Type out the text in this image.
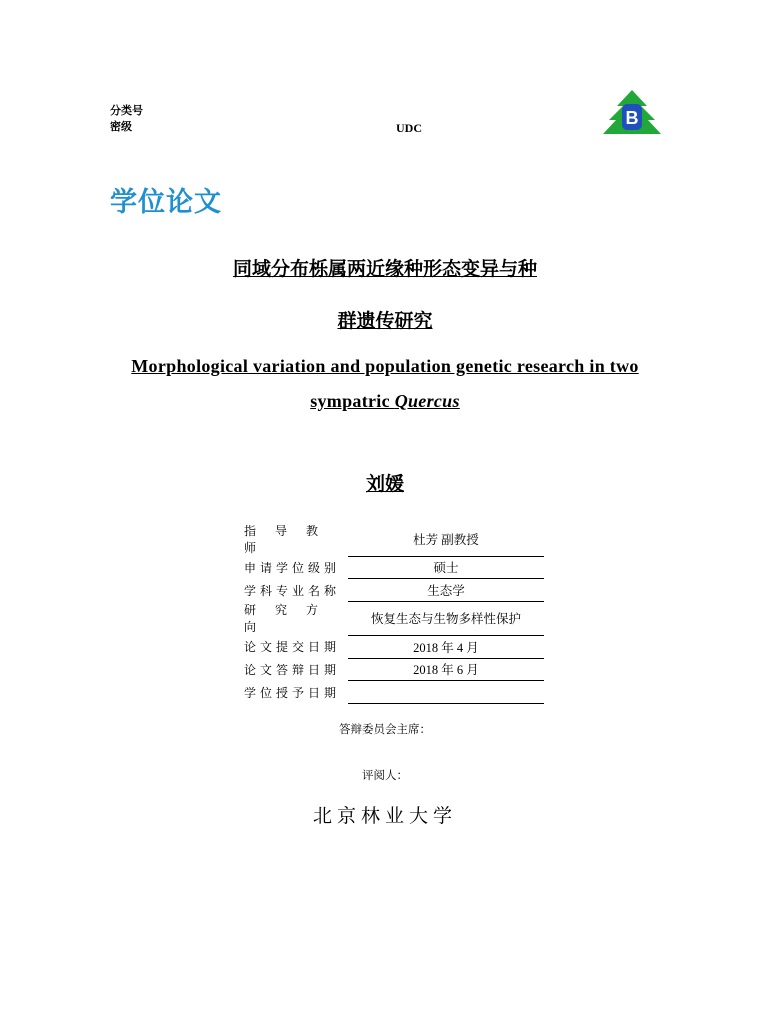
分类号
密级	UDC	B
学位论文
同域分布栎属两近缘种形态变异与种
群遗传研究
Morphological variation and population genetic research in two
sympatric Quercus
刘媛
指导教师	杜芳 副教授
申请学位级别	硕士
学科专业名称	生态学
研究方向	恢复生态与生物多样性保护
论文提交日期	2018 年 4 月
论文答辩日期	2018 年 6 月
学位授予日期	
答辩委员会主席：
评阅人：
北京林业大学
